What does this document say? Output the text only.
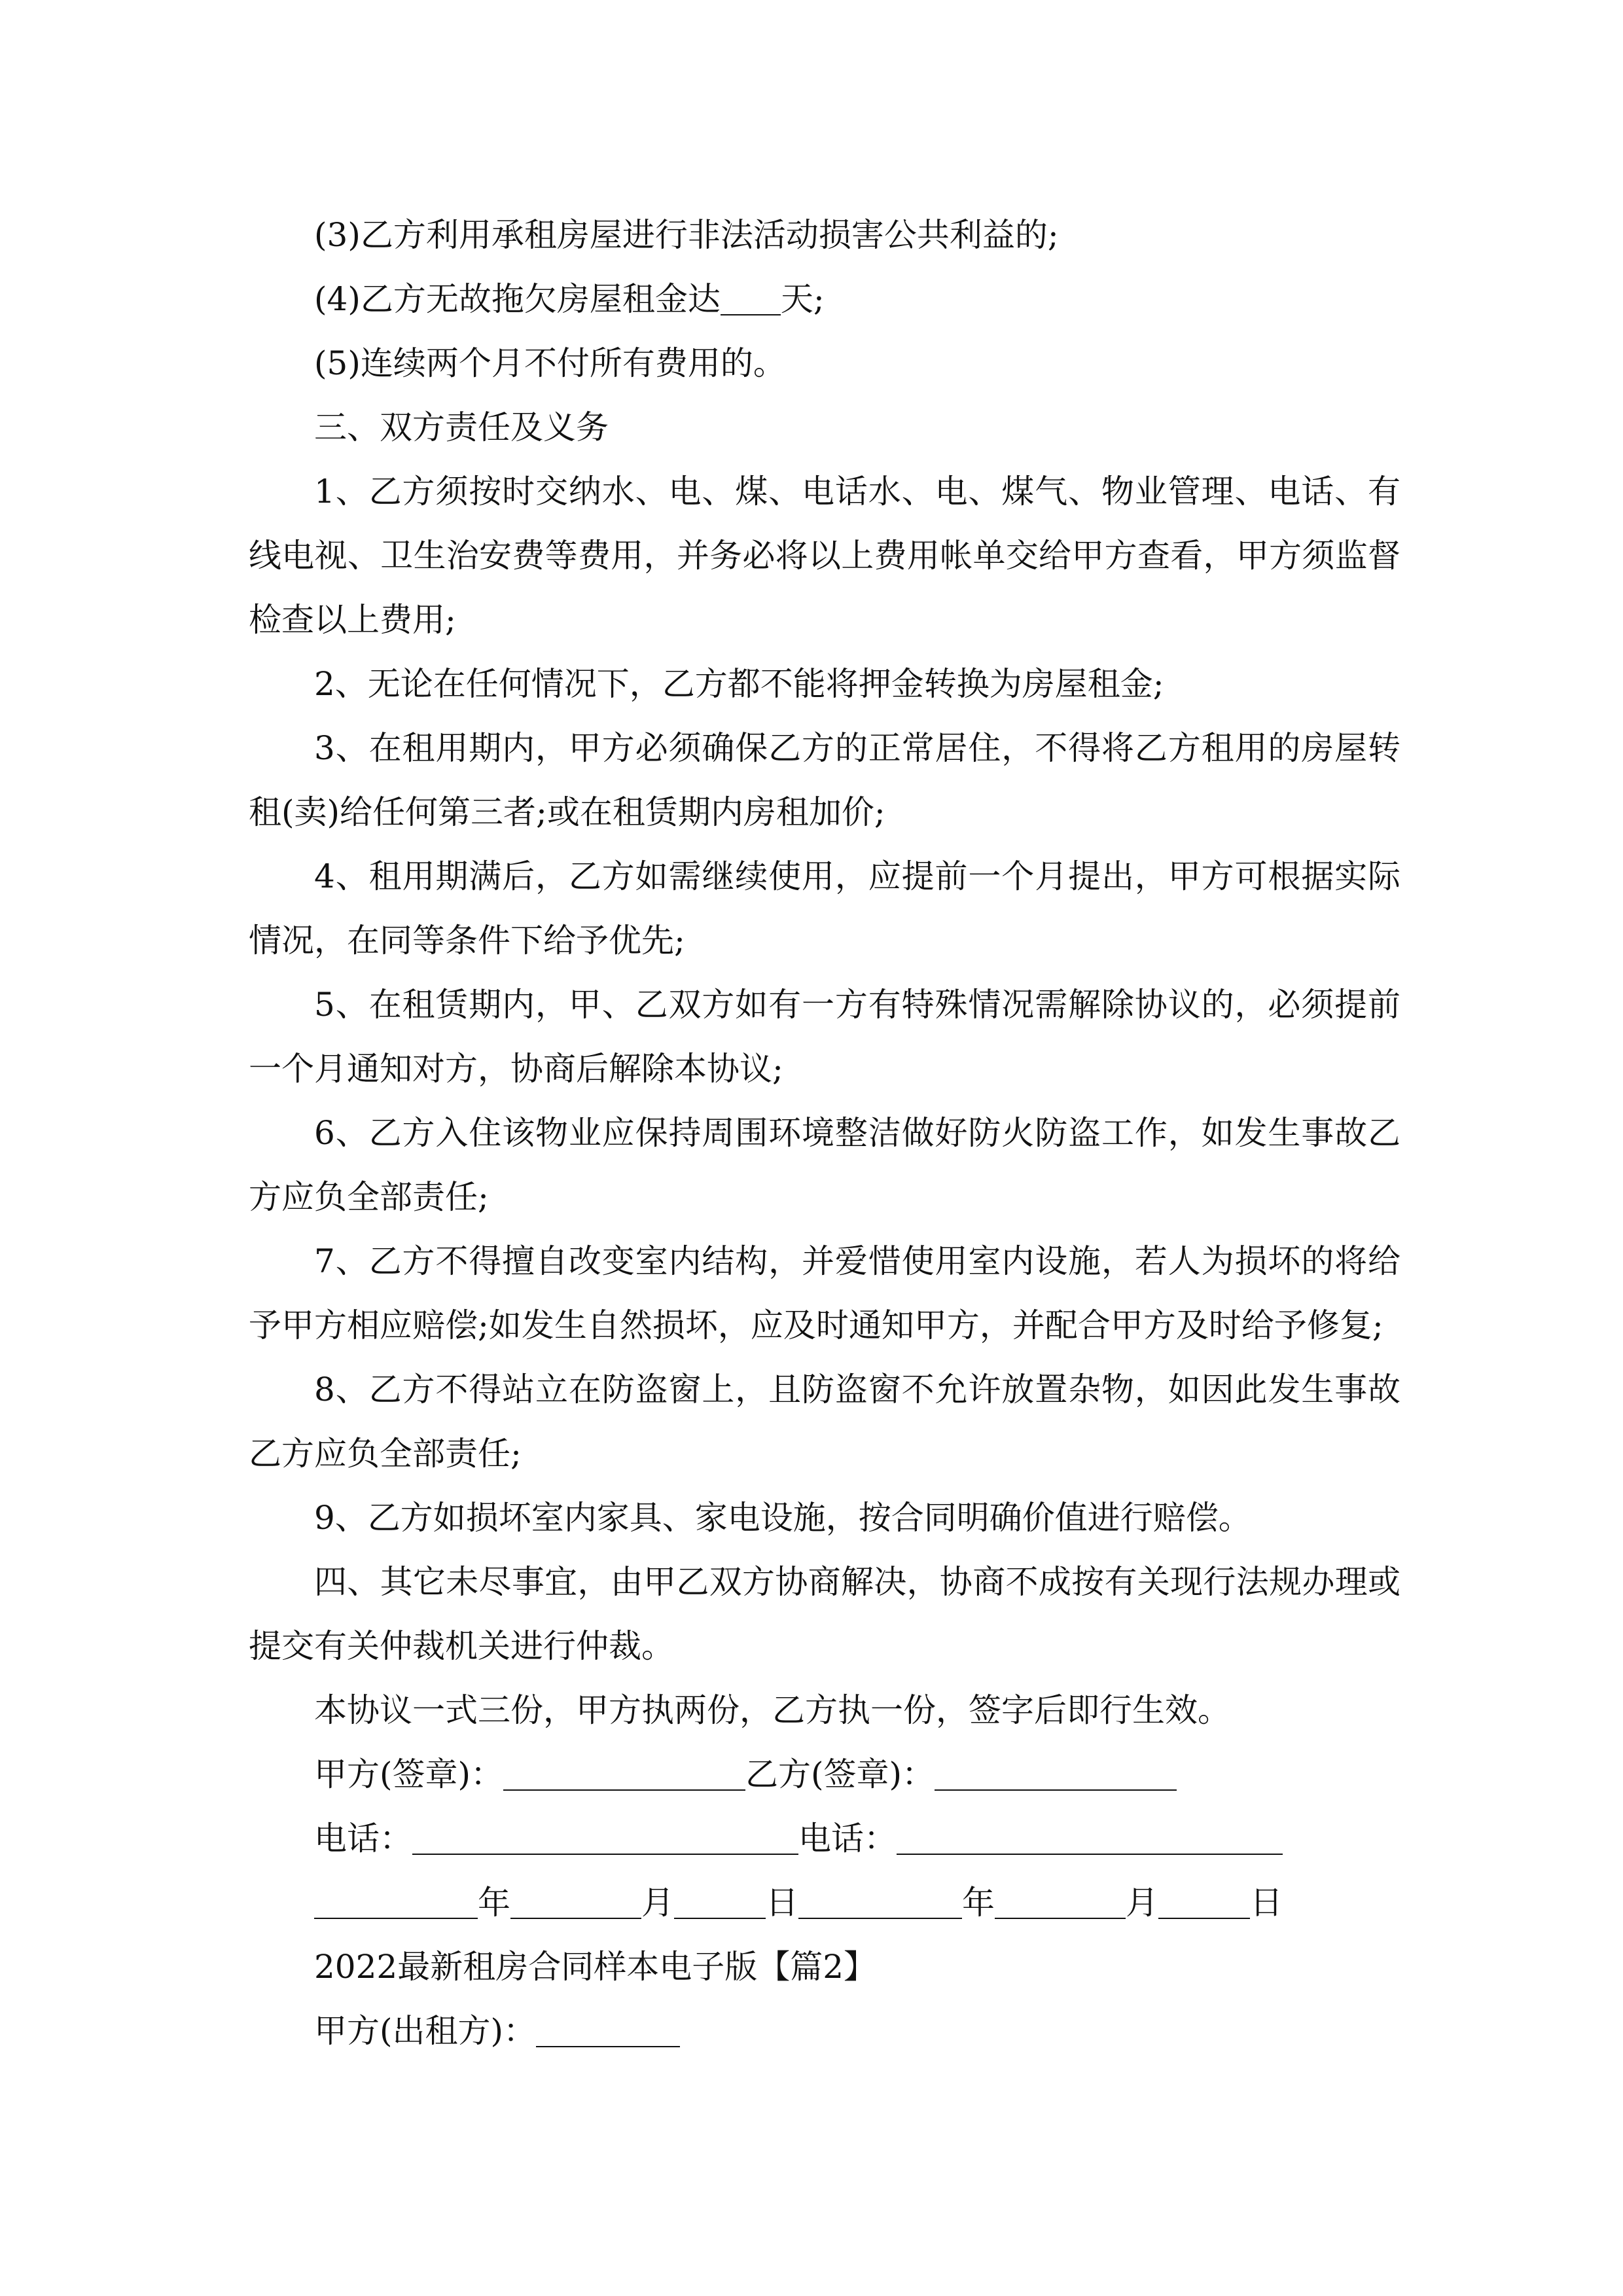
(3)乙方利用承租房屋进行非法活动损害公共利益的;

(4)乙方无故拖欠房屋租金达 天;

(5)连续两个月不付所有费用的。

三、双方责任及义务

1、乙方须按时交纳水、电、煤、电话水、电、煤气、物业管理、电话、有线电视、卫生治安费等费用，并务必将以上费用帐单交给甲方查看，甲方须监督检查以上费用;

2、无论在任何情况下，乙方都不能将押金转换为房屋租金;

3、在租用期内，甲方必须确保乙方的正常居住，不得将乙方租用的房屋转租(卖)给任何第三者;或在租赁期内房租加价;

4、租用期满后，乙方如需继续使用，应提前一个月提出，甲方可根据实际情况，在同等条件下给予优先;

5、在租赁期内，甲、乙双方如有一方有特殊情况需解除协议的，必须提前一个月通知对方，协商后解除本协议;

6、乙方入住该物业应保持周围环境整洁做好防火防盗工作，如发生事故乙方应负全部责任;

7、乙方不得擅自改变室内结构，并爱惜使用室内设施，若人为损坏的将给予甲方相应赔偿;如发生自然损坏，应及时通知甲方，并配合甲方及时给予修复;

8、乙方不得站立在防盗窗上，且防盗窗不允许放置杂物，如因此发生事故乙方应负全部责任;

9、乙方如损坏室内家具、家电设施，按合同明确价值进行赔偿。

四、其它未尽事宜，由甲乙双方协商解决，协商不成按有关现行法规办理或提交有关仲裁机关进行仲裁。

本协议一式三份，甲方执两份，乙方执一份，签字后即行生效。

甲方(签章)：	乙方(签章)：

电话：	电话：

年	月	日	年	月	日

2022最新租房合同样本电子版【篇2】

甲方(出租方)：
